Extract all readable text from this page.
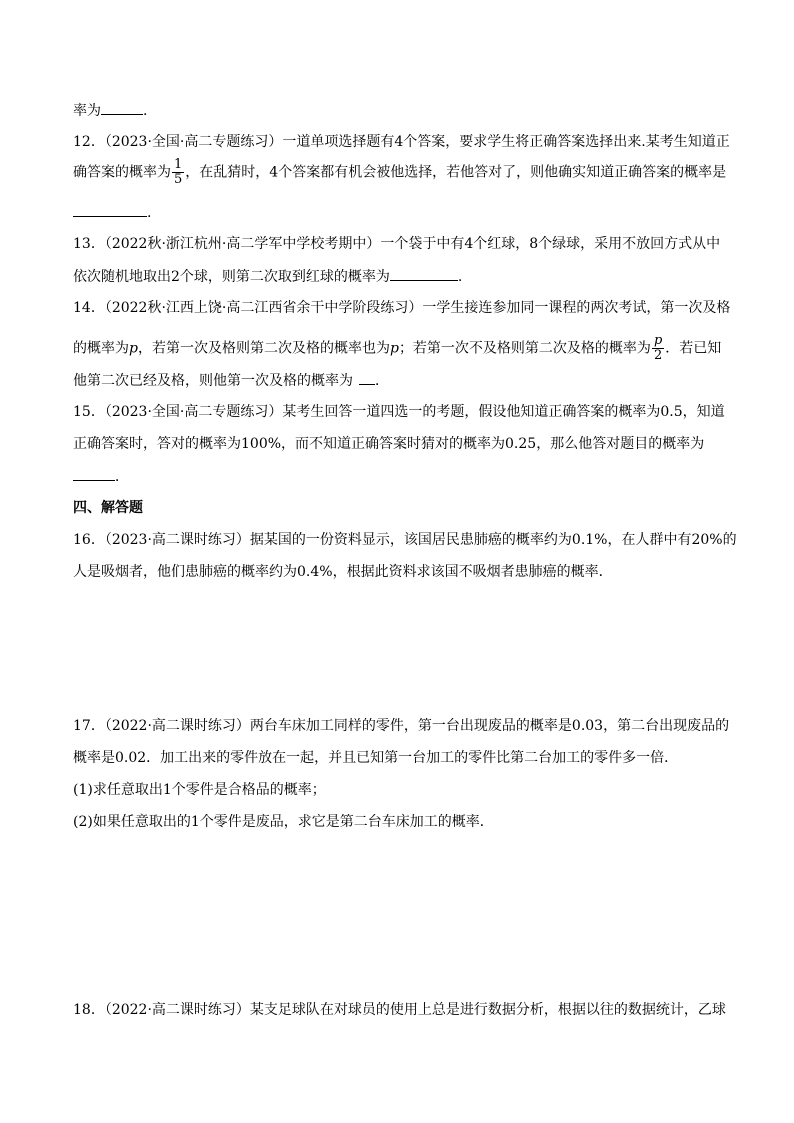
率为	.
12．（2023·全国·高二专题练习）一道单项选择题有4个答案，要求学生将正确答案选择出来.某考生知道正
确答案的概率为 $\frac{1}{5}$ ，在乱猜时，4个答案都有机会被他选择，若他答对了，则他确实知道正确答案的概率是
.
13．（2022秋·浙江杭州·高二学军中学校考期中）一个袋于中有4个红球，8个绿球，采用不放回方式从中
依次随机地取出2个球，则第二次取到红球的概率为	.
14．（2022秋·江西上饶·高二江西省余干中学阶段练习）一学生接连参加同一课程的两次考试，第一次及格
的概率为p，若第一次及格则第二次及格的概率也为p；若第一次不及格则第二次及格的概率为 $\frac{p}{2}$ ．若已知
他第二次已经及格，则他第一次及格的概率为 ．
15．（2023·全国·高二专题练习）某考生回答一道四选一的考题，假设他知道正确答案的概率为0.5，知道
正确答案时，答对的概率为100%，而不知道正确答案时猜对的概率为0.25，那么他答对题目的概率为
．
四、解答题
16．（2023·高二课时练习）据某国的一份资料显示，该国居民患肺癌的概率约为0.1%，在人群中有20%的
人是吸烟者，他们患肺癌的概率约为0.4%，根据此资料求该国不吸烟者患肺癌的概率．
17．（2022·高二课时练习）两台车床加工同样的零件，第一台出现废品的概率是0.03，第二台出现废品的
概率是0.02．加工出来的零件放在一起，并且已知第一台加工的零件比第二台加工的零件多一倍．
(1)求任意取出1个零件是合格品的概率；
(2)如果任意取出的1个零件是废品，求它是第二台车床加工的概率．
18．（2022·高二课时练习）某支足球队在对球员的使用上总是进行数据分析，根据以往的数据统计，乙球
